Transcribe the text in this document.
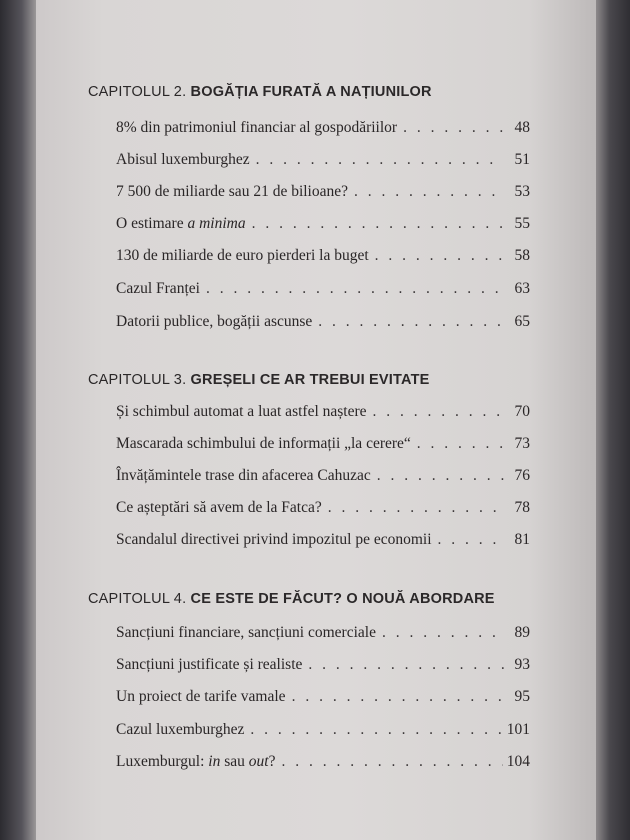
CAPITOLUL 2. BOGĂȚIA FURATĂ A NAȚIUNILOR
8% din patrimoniul financiar al gospodăriilor . . .	48
Abisul luxemburghez . . .	51
7 500 de miliarde sau 21 de bilioane? . . .	53
O estimare a minima . . .	55
130 de miliarde de euro pierderi la buget . . .	58
Cazul Franței . . .	63
Datorii publice, bogății ascunse . . .	65
CAPITOLUL 3. GREȘELI CE AR TREBUI EVITATE
Și schimbul automat a luat astfel naștere . . .	70
Mascarada schimbului de informații „la cerere“ . . .	73
Învățămintele trase din afacerea Cahuzac . . .	76
Ce așteptări să avem de la Fatca? . . .	78
Scandalul directivei privind impozitul pe economii . . .	81
CAPITOLUL 4. CE ESTE DE FĂCUT? O NOUĂ ABORDARE
Sancțiuni financiare, sancțiuni comerciale . . .	89
Sancțiuni justificate și realiste . . .	93
Un proiect de tarife vamale . . .	95
Cazul luxemburghez . . .	101
Luxemburgul: in sau out? . . .	104
